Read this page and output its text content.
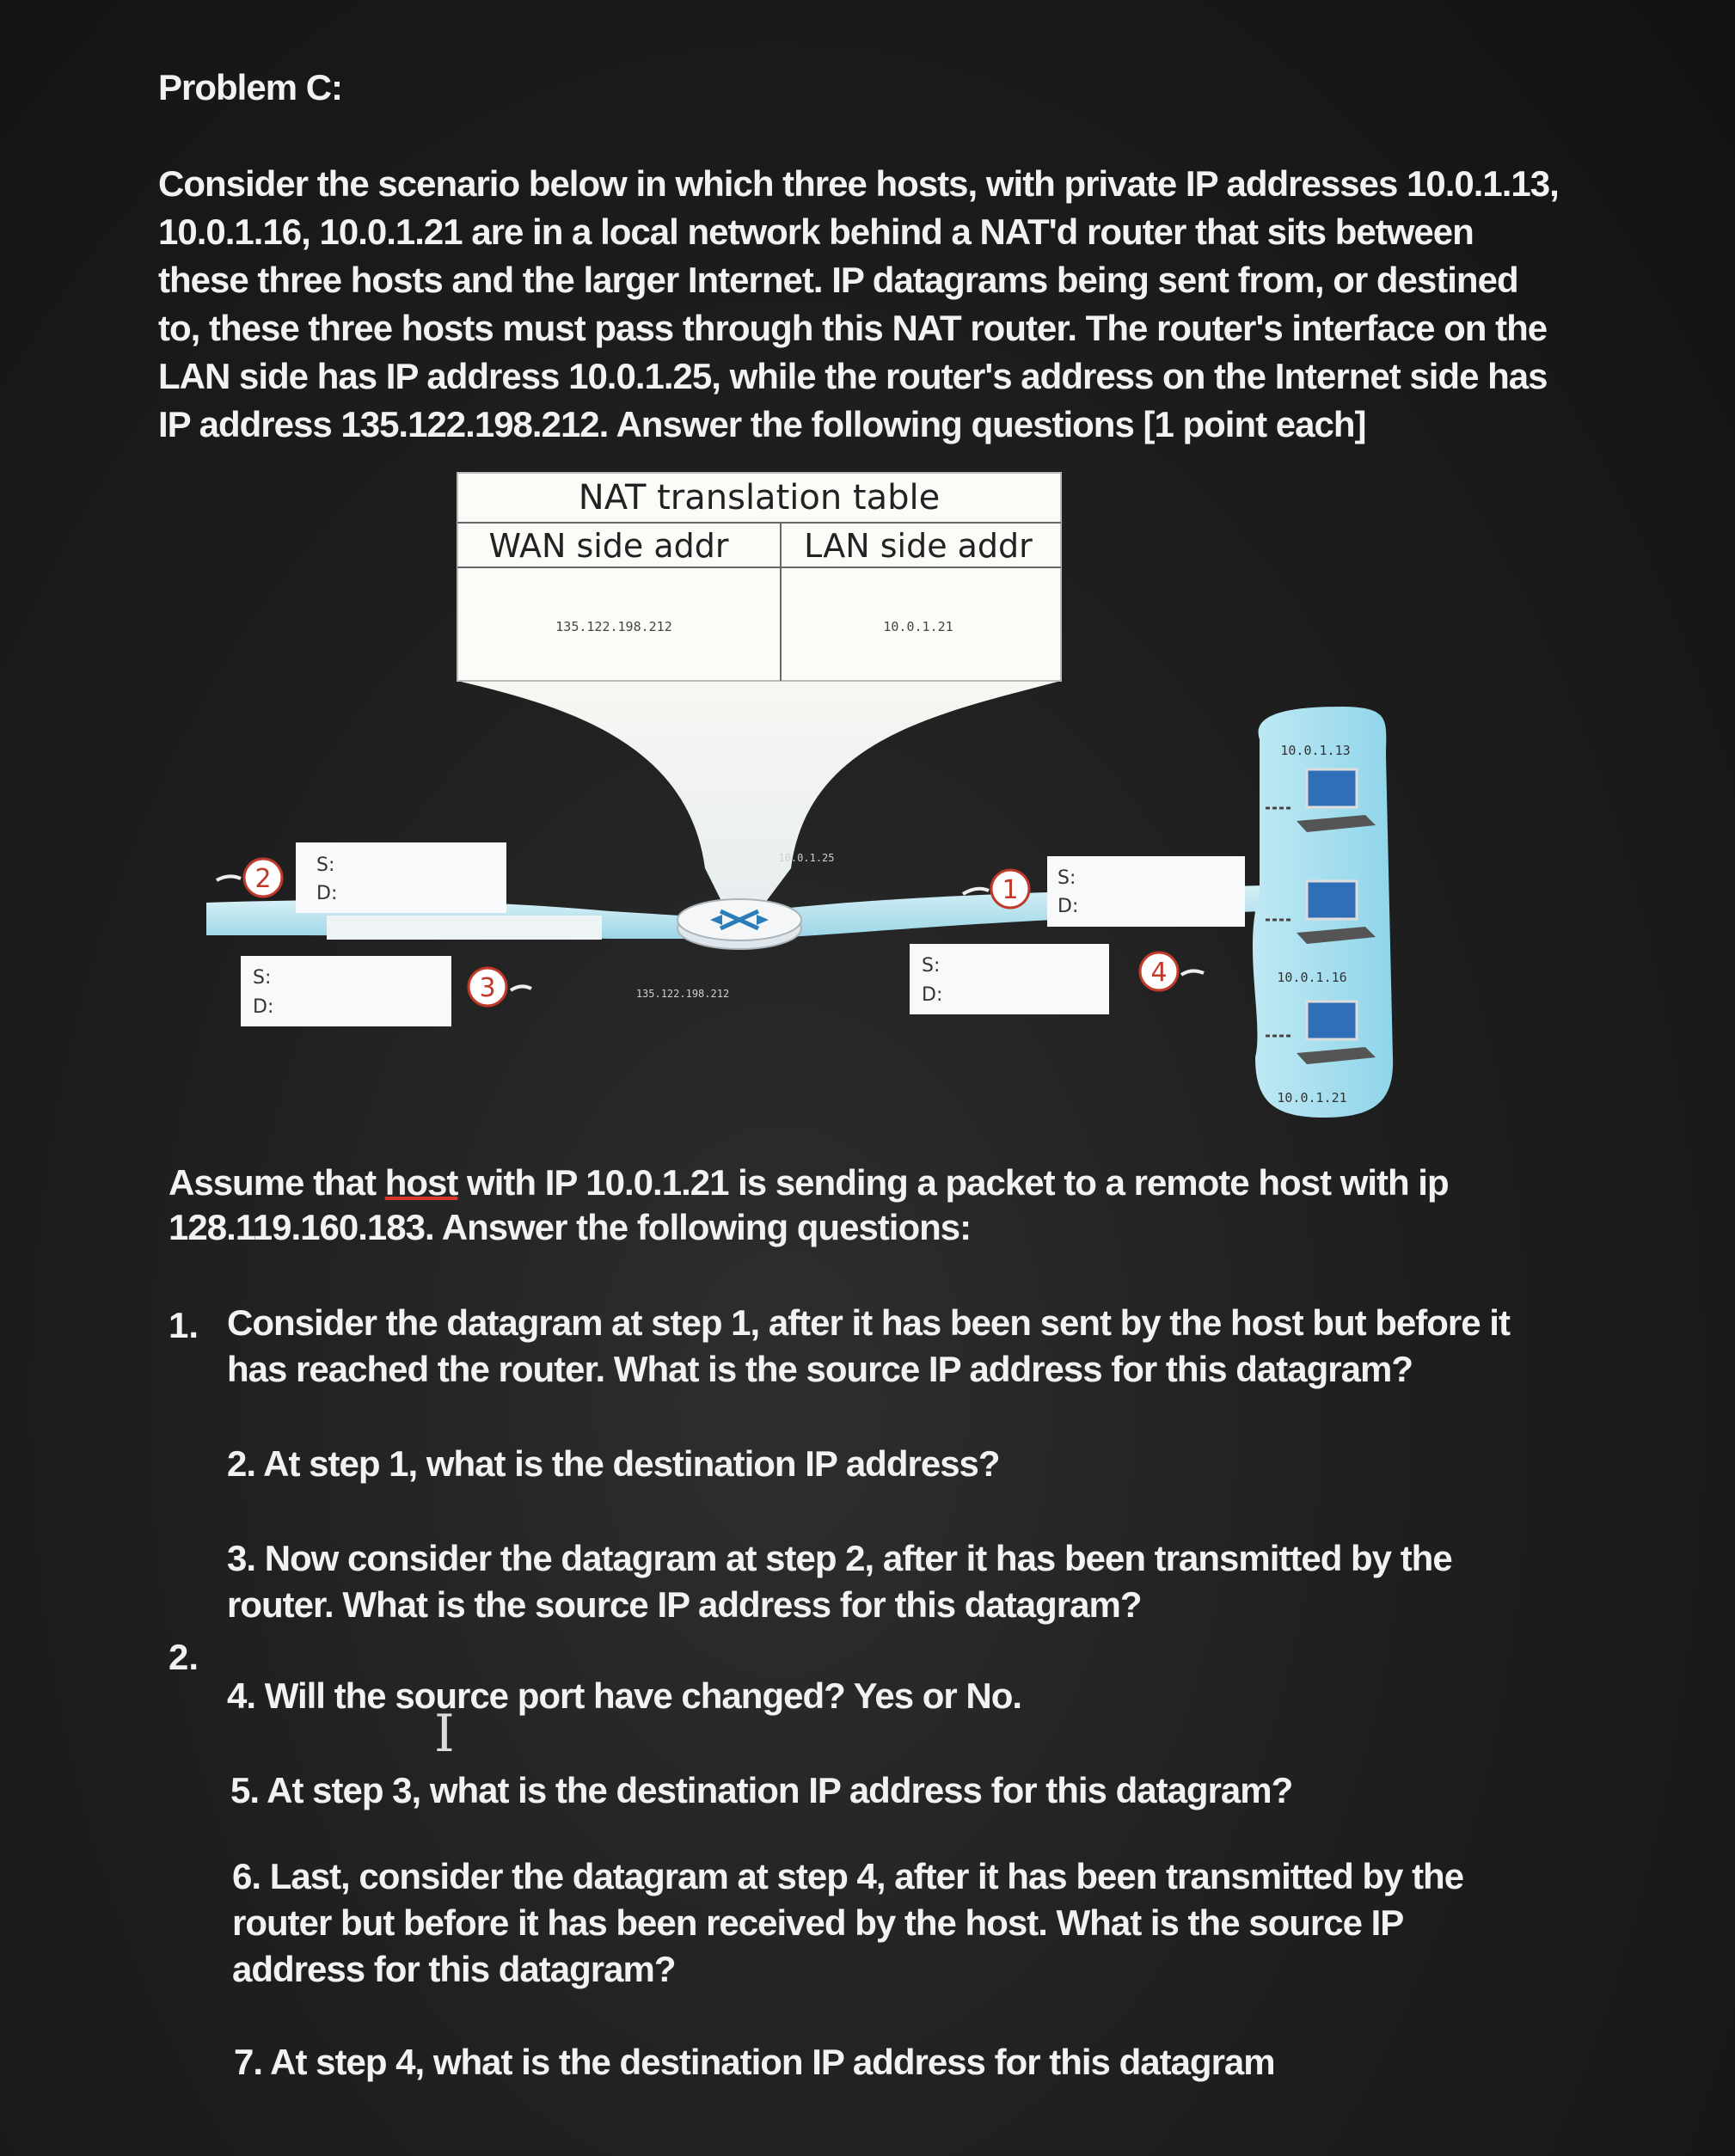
Problem C:
Consider the scenario below in which three hosts, with private IP addresses 10.0.1.13, 10.0.1.16, 10.0.1.21 are in a local network behind a NAT'd router that sits between these three hosts and the larger Internet. IP datagrams being sent from, or destined to, these three hosts must pass through this NAT router. The router's interface on the LAN side has IP address 10.0.1.25, while the router's address on the Internet side has IP address 135.122.198.212. Answer the following questions [1 point each]
NAT translation table
WAN side addr LAN side addr
135.122.198.212	10.0.1.21
10.0.1.25
135.122.198.212
S:
D:
2
S:
D:
3
S:
D:
1
S:
D:
4
10.0.1.13
10.0.1.16
10.0.1.21
Assume that host with IP 10.0.1.21 is sending a packet to a remote host with ip 128.119.160.183. Answer the following questions:
1. Consider the datagram at step 1, after it has been sent by the host but before it has reached the router. What is the source IP address for this datagram?
2. At step 1, what is the destination IP address?
3. Now consider the datagram at step 2, after it has been transmitted by the router. What is the source IP address for this datagram?
2.
4. Will the source port have changed? Yes or No.
5. At step 3, what is the destination IP address for this datagram?
6. Last, consider the datagram at step 4, after it has been transmitted by the router but before it has been received by the host. What is the source IP address for this datagram?
7. At step 4, what is the destination IP address for this datagram
I
